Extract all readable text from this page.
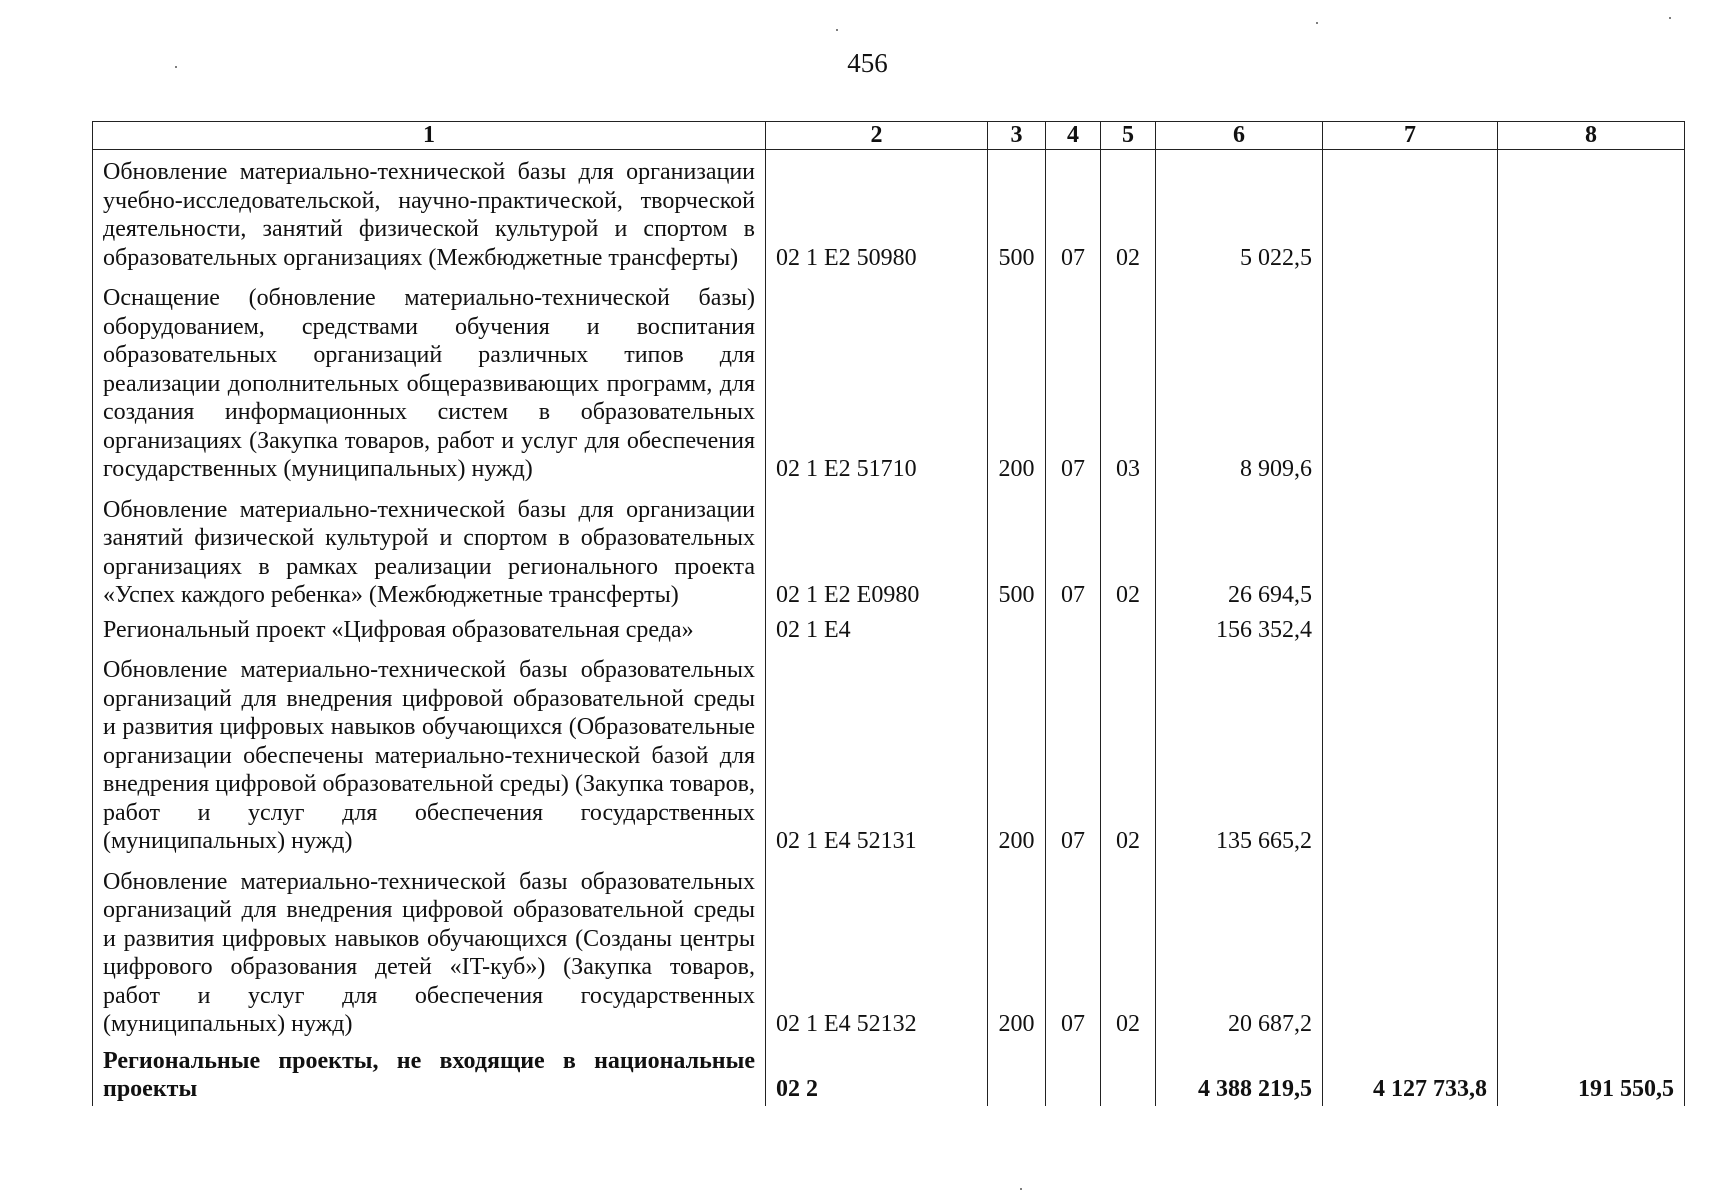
456
1	2	3	4	5	6	7	8
Обновление материально-технической базы для организации учебно-исследовательской, научно-практической, творческой деятельности, занятий физической культурой и спортом в образовательных организациях (Межбюджетные трансферты)	02 1 E2 50980	500	07	02	5 022,5		
Оснащение (обновление материально-технической базы) оборудованием, средствами обучения и воспитания образовательных организаций различных типов для реализации дополнительных общеразвивающих программ, для создания информационных систем в образовательных организациях (Закупка товаров, работ и услуг для обеспечения государственных (муниципальных) нужд)	02 1 E2 51710	200	07	03	8 909,6		
Обновление материально-технической базы для организации занятий физической культурой и спортом в образовательных организациях в рамках реализации регионального проекта «Успех каждого ребенка» (Межбюджетные трансферты)	02 1 E2 E0980	500	07	02	26 694,5		
Региональный проект «Цифровая образовательная среда»	02 1 E4				156 352,4		
Обновление материально-технической базы образовательных организаций для внедрения цифровой образовательной среды и развития цифровых навыков обучающихся (Образовательные организации обеспечены материально-технической базой для внедрения цифровой образовательной среды) (Закупка товаров, работ и услуг для обеспечения государственных (муниципальных) нужд)	02 1 E4 52131	200	07	02	135 665,2		
Обновление материально-технической базы образовательных организаций для внедрения цифровой образовательной среды и развития цифровых навыков обучающихся (Созданы центры цифрового образования детей «IT-куб») (Закупка товаров, работ и услуг для обеспечения государственных (муниципальных) нужд)	02 1 E4 52132	200	07	02	20 687,2		
Региональные проекты, не входящие в национальные проекты	02 2				4 388 219,5	4 127 733,8	191 550,5
